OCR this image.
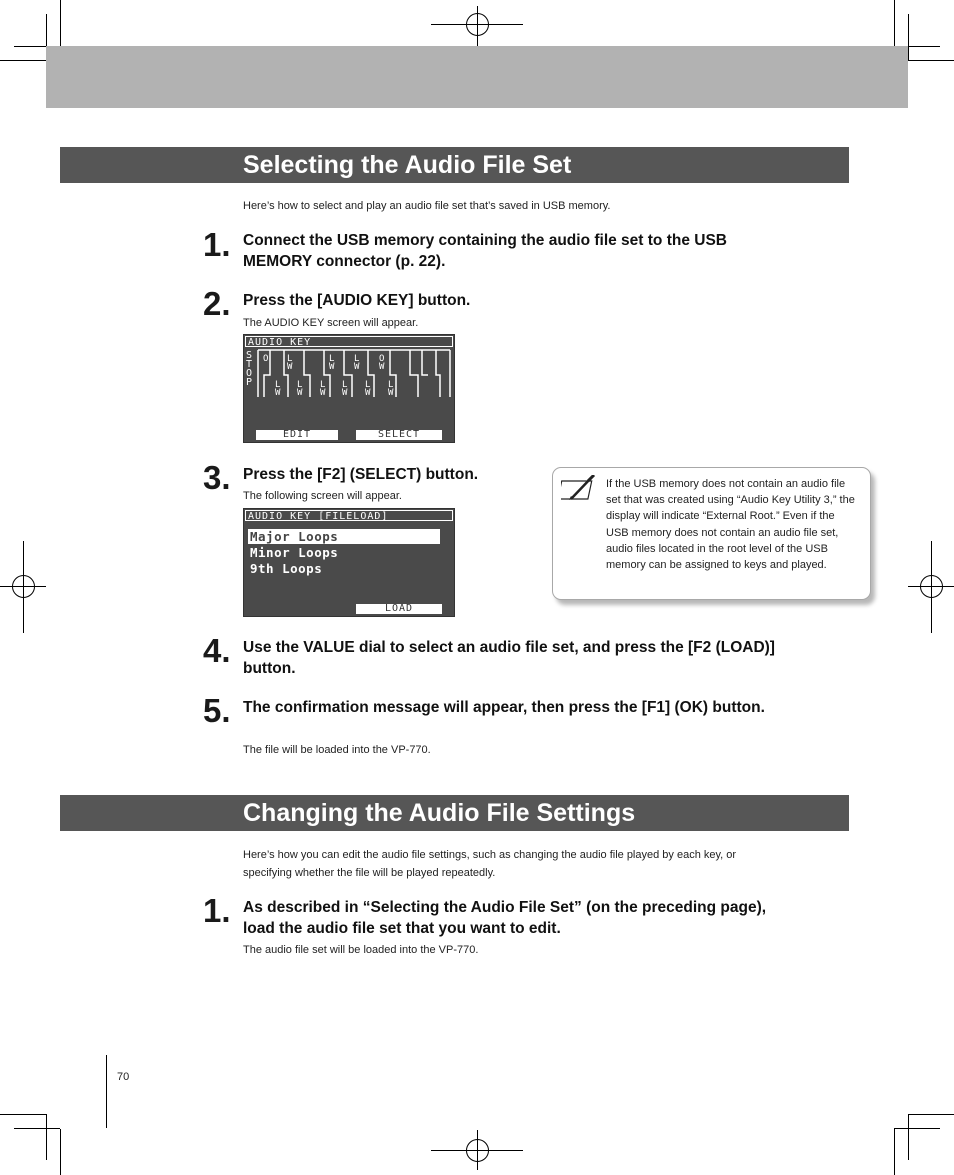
Selecting the Audio File Set
Here’s how to select and play an audio file set that’s saved in USB memory.
1. Connect the USB memory containing the audio file set to the USB MEMORY connector (p. 22).
2. Press the [AUDIO KEY] button.
The AUDIO KEY screen will appear.
AUDIO KEY
STOP
O L
W
L
W
L
W
O
W
L
W
L
W
L
W
L
W
L
W
L
W
EDIT	SELECT
3. Press the [F2] (SELECT) button.
The following screen will appear.
AUDIO KEY [FILELOAD]
Major Loops
Minor Loops
9th Loops
LOAD
If the USB memory does not contain an audio file set that was created using “Audio Key Utility 3,” the display will indicate “External Root.” Even if the USB memory does not contain an audio file set, audio files located in the root level of the USB memory can be assigned to keys and played.
4. Use the VALUE dial to select an audio file set, and press the [F2 (LOAD)] button.
5. The confirmation message will appear, then press the [F1] (OK) button.
The file will be loaded into the VP-770.
Changing the Audio File Settings
Here’s how you can edit the audio file settings, such as changing the audio file played by each key, or specifying whether the file will be played repeatedly.
1. As described in “Selecting the Audio File Set” (on the preceding page), load the audio file set that you want to edit.
The audio file set will be loaded into the VP-770.
70
